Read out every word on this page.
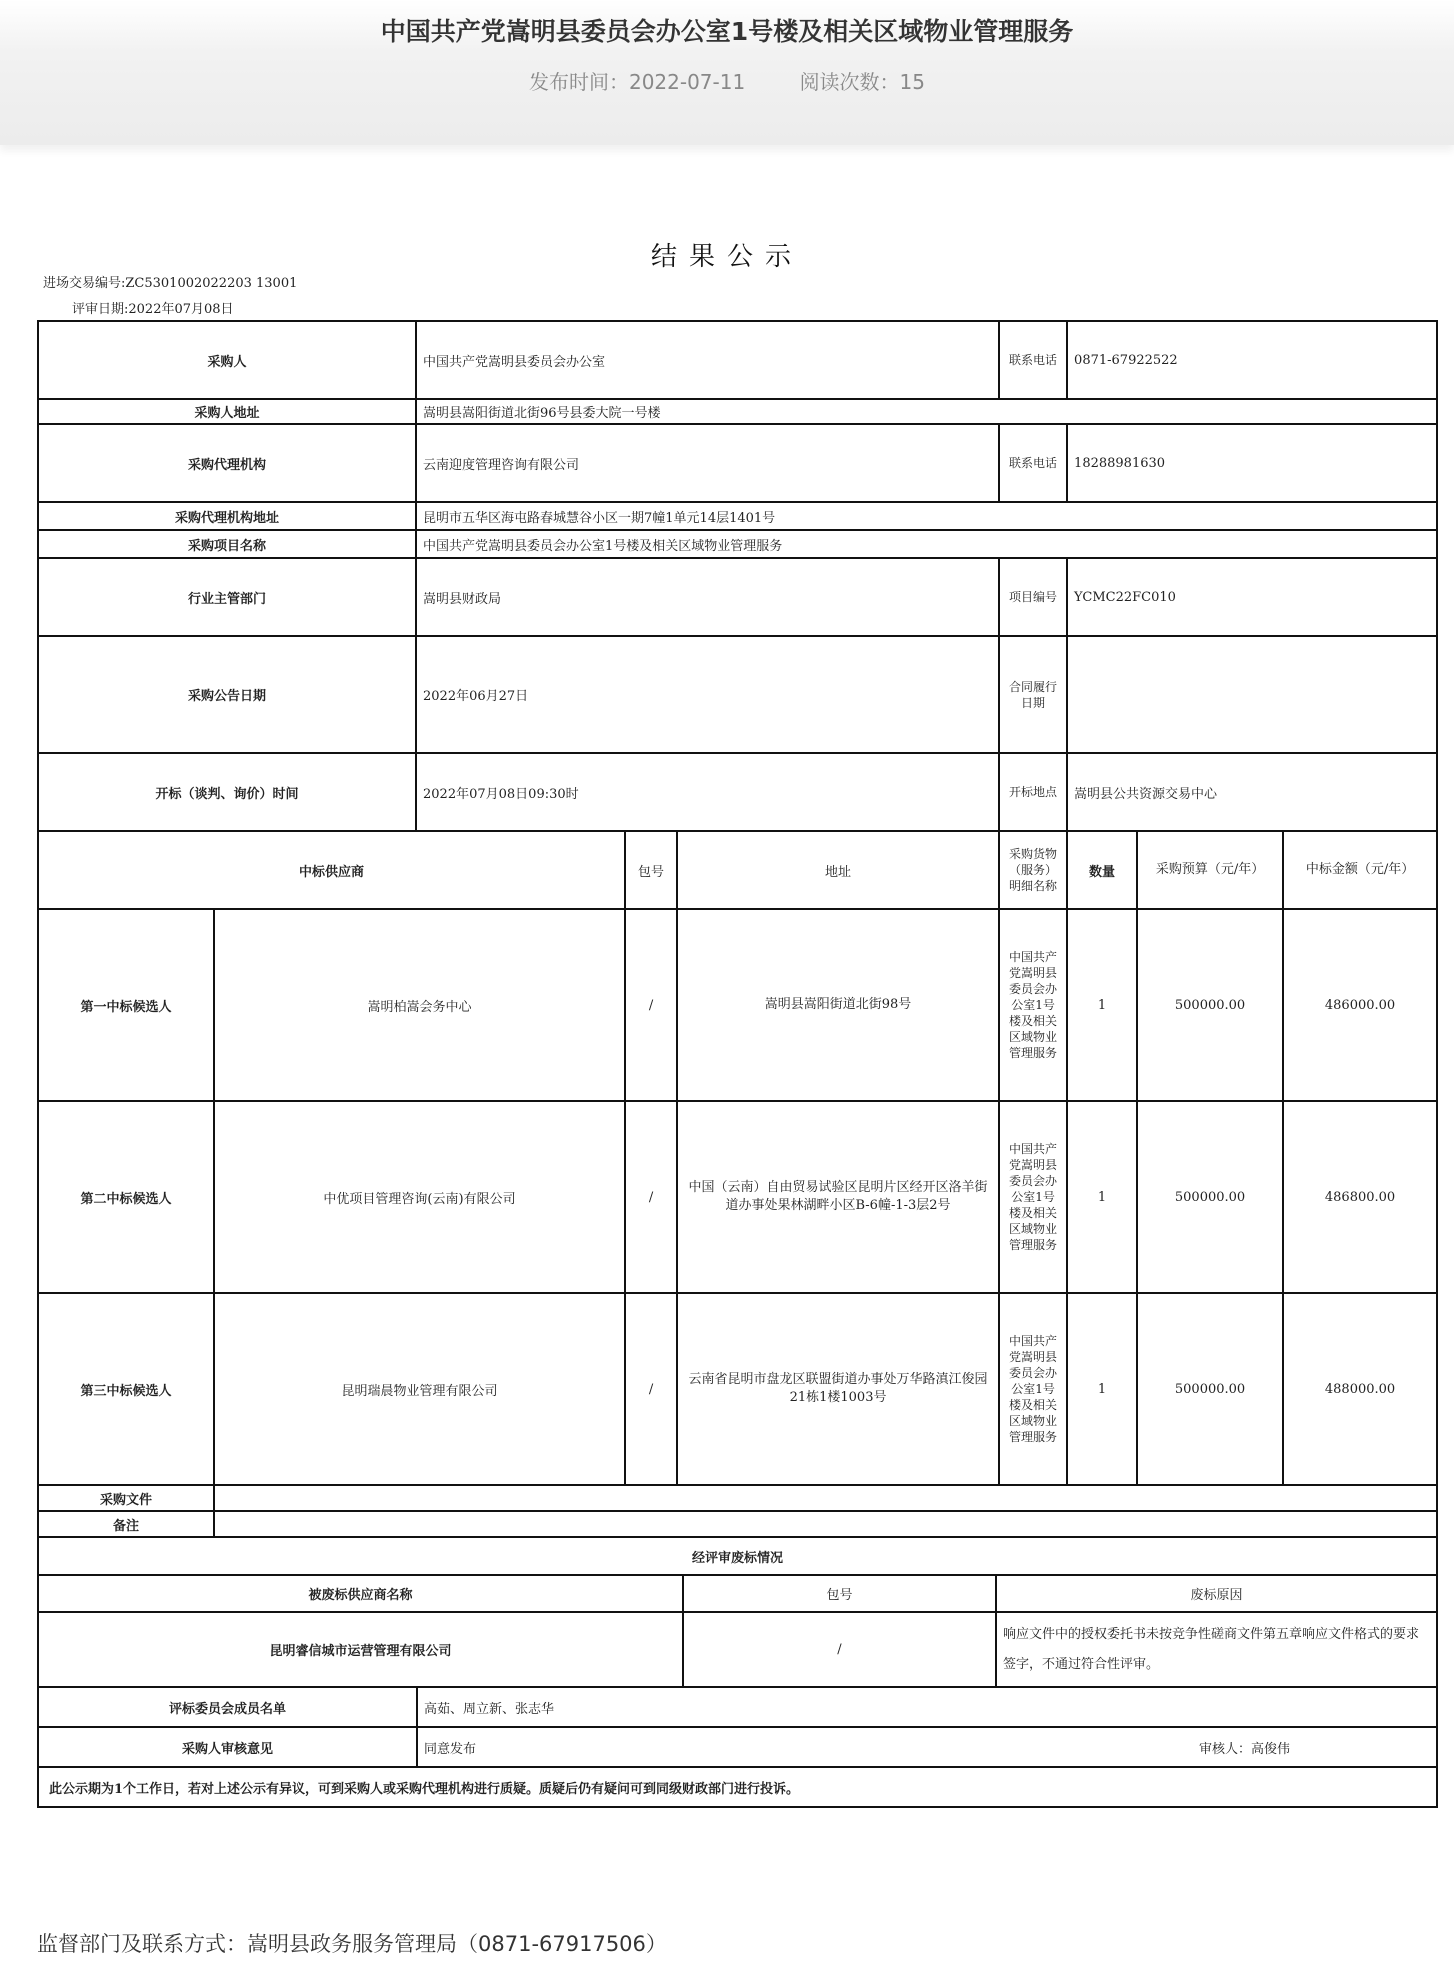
中国共产党嵩明县委员会办公室1号楼及相关区域物业管理服务
发布时间：2022-07-11	阅读次数：15
结果公示
进场交易编号:ZC5301002022203 13001
评审日期:2022年07月08日
采购人		中国共产党嵩明县委员会办公室			联系电话	0871-67922522		
采购人地址		嵩明县嵩阳街道北街96号县委大院一号楼						
采购代理机构		云南迎度管理咨询有限公司			联系电话	18288981630		
采购代理机构地址		昆明市五华区海屯路春城慧谷小区一期7幢1单元14层1401号						
采购项目名称		中国共产党嵩明县委员会办公室1号楼及相关区域物业管理服务						
行业主管部门		嵩明县财政局			项目编号	YCMC22FC010		
采购公告日期		2022年06月27日			合同履行日期			
开标（谈判、询价）时间		2022年07月08日09:30时			开标地点	嵩明县公共资源交易中心		
中标供应商			包号	地址	采购货物（服务）明细名称	数量	采购预算（元/年）	中标金额（元/年）
第一中标候选人	嵩明柏嵩会务中心		/	嵩明县嵩阳街道北街98号	中国共产党嵩明县委员会办公室1号楼及相关区域物业管理服务	1	500000.00	486000.00
第二中标候选人	中优项目管理咨询(云南)有限公司		/	中国（云南）自由贸易试验区昆明片区经开区洛羊街道办事处果林湖畔小区B-6幢-1-3层2号	中国共产党嵩明县委员会办公室1号楼及相关区域物业管理服务	1	500000.00	486800.00
第三中标候选人	昆明瑞晨物业管理有限公司		/	云南省昆明市盘龙区联盟街道办事处万华路滇江俊园21栋1楼1003号	中国共产党嵩明县委员会办公室1号楼及相关区域物业管理服务	1	500000.00	488000.00
采购文件								
备注								
经评审废标情况								
被废标供应商名称	包号	废标原因
昆明睿信城市运营管理有限公司	/	响应文件中的授权委托书未按竞争性磋商文件第五章响应文件格式的要求签字，不通过符合性评审。
评标委员会成员名单	高茹、周立新、张志华
采购人审核意见	同意发布 审核人：高俊伟

此公示期为1个工作日，若对上述公示有异议，可到采购人或采购代理机构进行质疑。质疑后仍有疑问可到同级财政部门进行投诉。	
监督部门及联系方式：嵩明县政务服务管理局（0871-67917506）
